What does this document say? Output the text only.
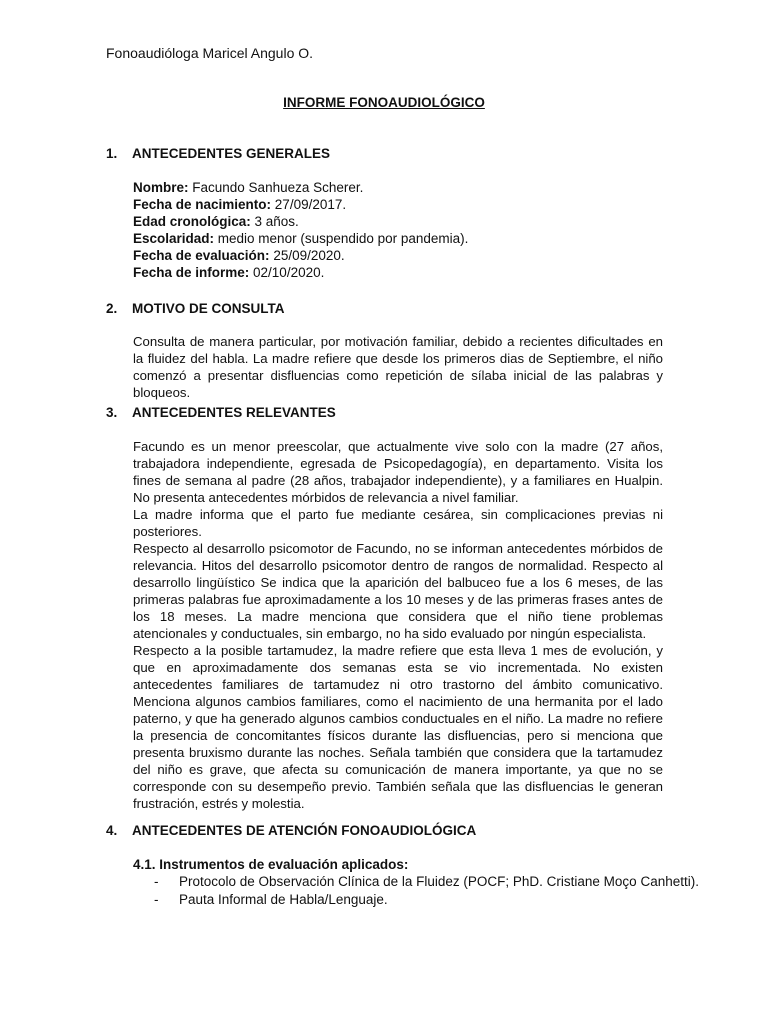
Fonoaudióloga Maricel Angulo O.
INFORME FONOAUDIOLÓGICO
1. ANTECEDENTES GENERALES
Nombre: Facundo Sanhueza Scherer.
Fecha de nacimiento: 27/09/2017.
Edad cronológica: 3 años.
Escolaridad: medio menor (suspendido por pandemia).
Fecha de evaluación: 25/09/2020.
Fecha de informe: 02/10/2020.
2. MOTIVO DE CONSULTA

Consulta de manera particular, por motivación familiar, debido a recientes dificultades en la fluidez del habla. La madre refiere que desde los primeros dias de Septiembre, el niño comenzó a presentar disfluencias como repetición de sílaba inicial de las palabras y bloqueos.

3. ANTECEDENTES RELEVANTES

Facundo es un menor preescolar, que actualmente vive solo con la madre (27 años, trabajadora independiente, egresada de Psicopedagogía), en departamento. Visita los fines de semana al padre (28 años, trabajador independiente), y a familiares en Hualpin. No presenta antecedentes mórbidos de relevancia a nivel familiar.

La madre informa que el parto fue mediante cesárea, sin complicaciones previas ni posteriores.

Respecto al desarrollo psicomotor de Facundo, no se informan antecedentes mórbidos de relevancia. Hitos del desarrollo psicomotor dentro de rangos de normalidad. Respecto al desarrollo lingüístico Se indica que la aparición del balbuceo fue a los 6 meses, de las primeras palabras fue aproximadamente a los 10 meses y de las primeras frases antes de los 18 meses. La madre menciona que considera que el niño tiene problemas atencionales y conductuales, sin embargo, no ha sido evaluado por ningún especialista.

Respecto a la posible tartamudez, la madre refiere que esta lleva 1 mes de evolución, y que en aproximadamente dos semanas esta se vio incrementada. No existen antecedentes familiares de tartamudez ni otro trastorno del ámbito comunicativo. Menciona algunos cambios familiares, como el nacimiento de una hermanita por el lado paterno, y que ha generado algunos cambios conductuales en el niño. La madre no refiere la presencia de concomitantes físicos durante las disfluencias, pero si menciona que presenta bruxismo durante las noches. Señala también que considera que la tartamudez del niño es grave, que afecta su comunicación de manera importante, ya que no se corresponde con su desempeño previo. También señala que las disfluencias le generan frustración, estrés y molestia.

4. ANTECEDENTES DE ATENCIÓN FONOAUDIOLÓGICA
4.1. Instrumentos de evaluación aplicados:
- Protocolo de Observación Clínica de la Fluidez (POCF; PhD. Cristiane Moço Canhetti).
- Pauta Informal de Habla/Lenguaje.
